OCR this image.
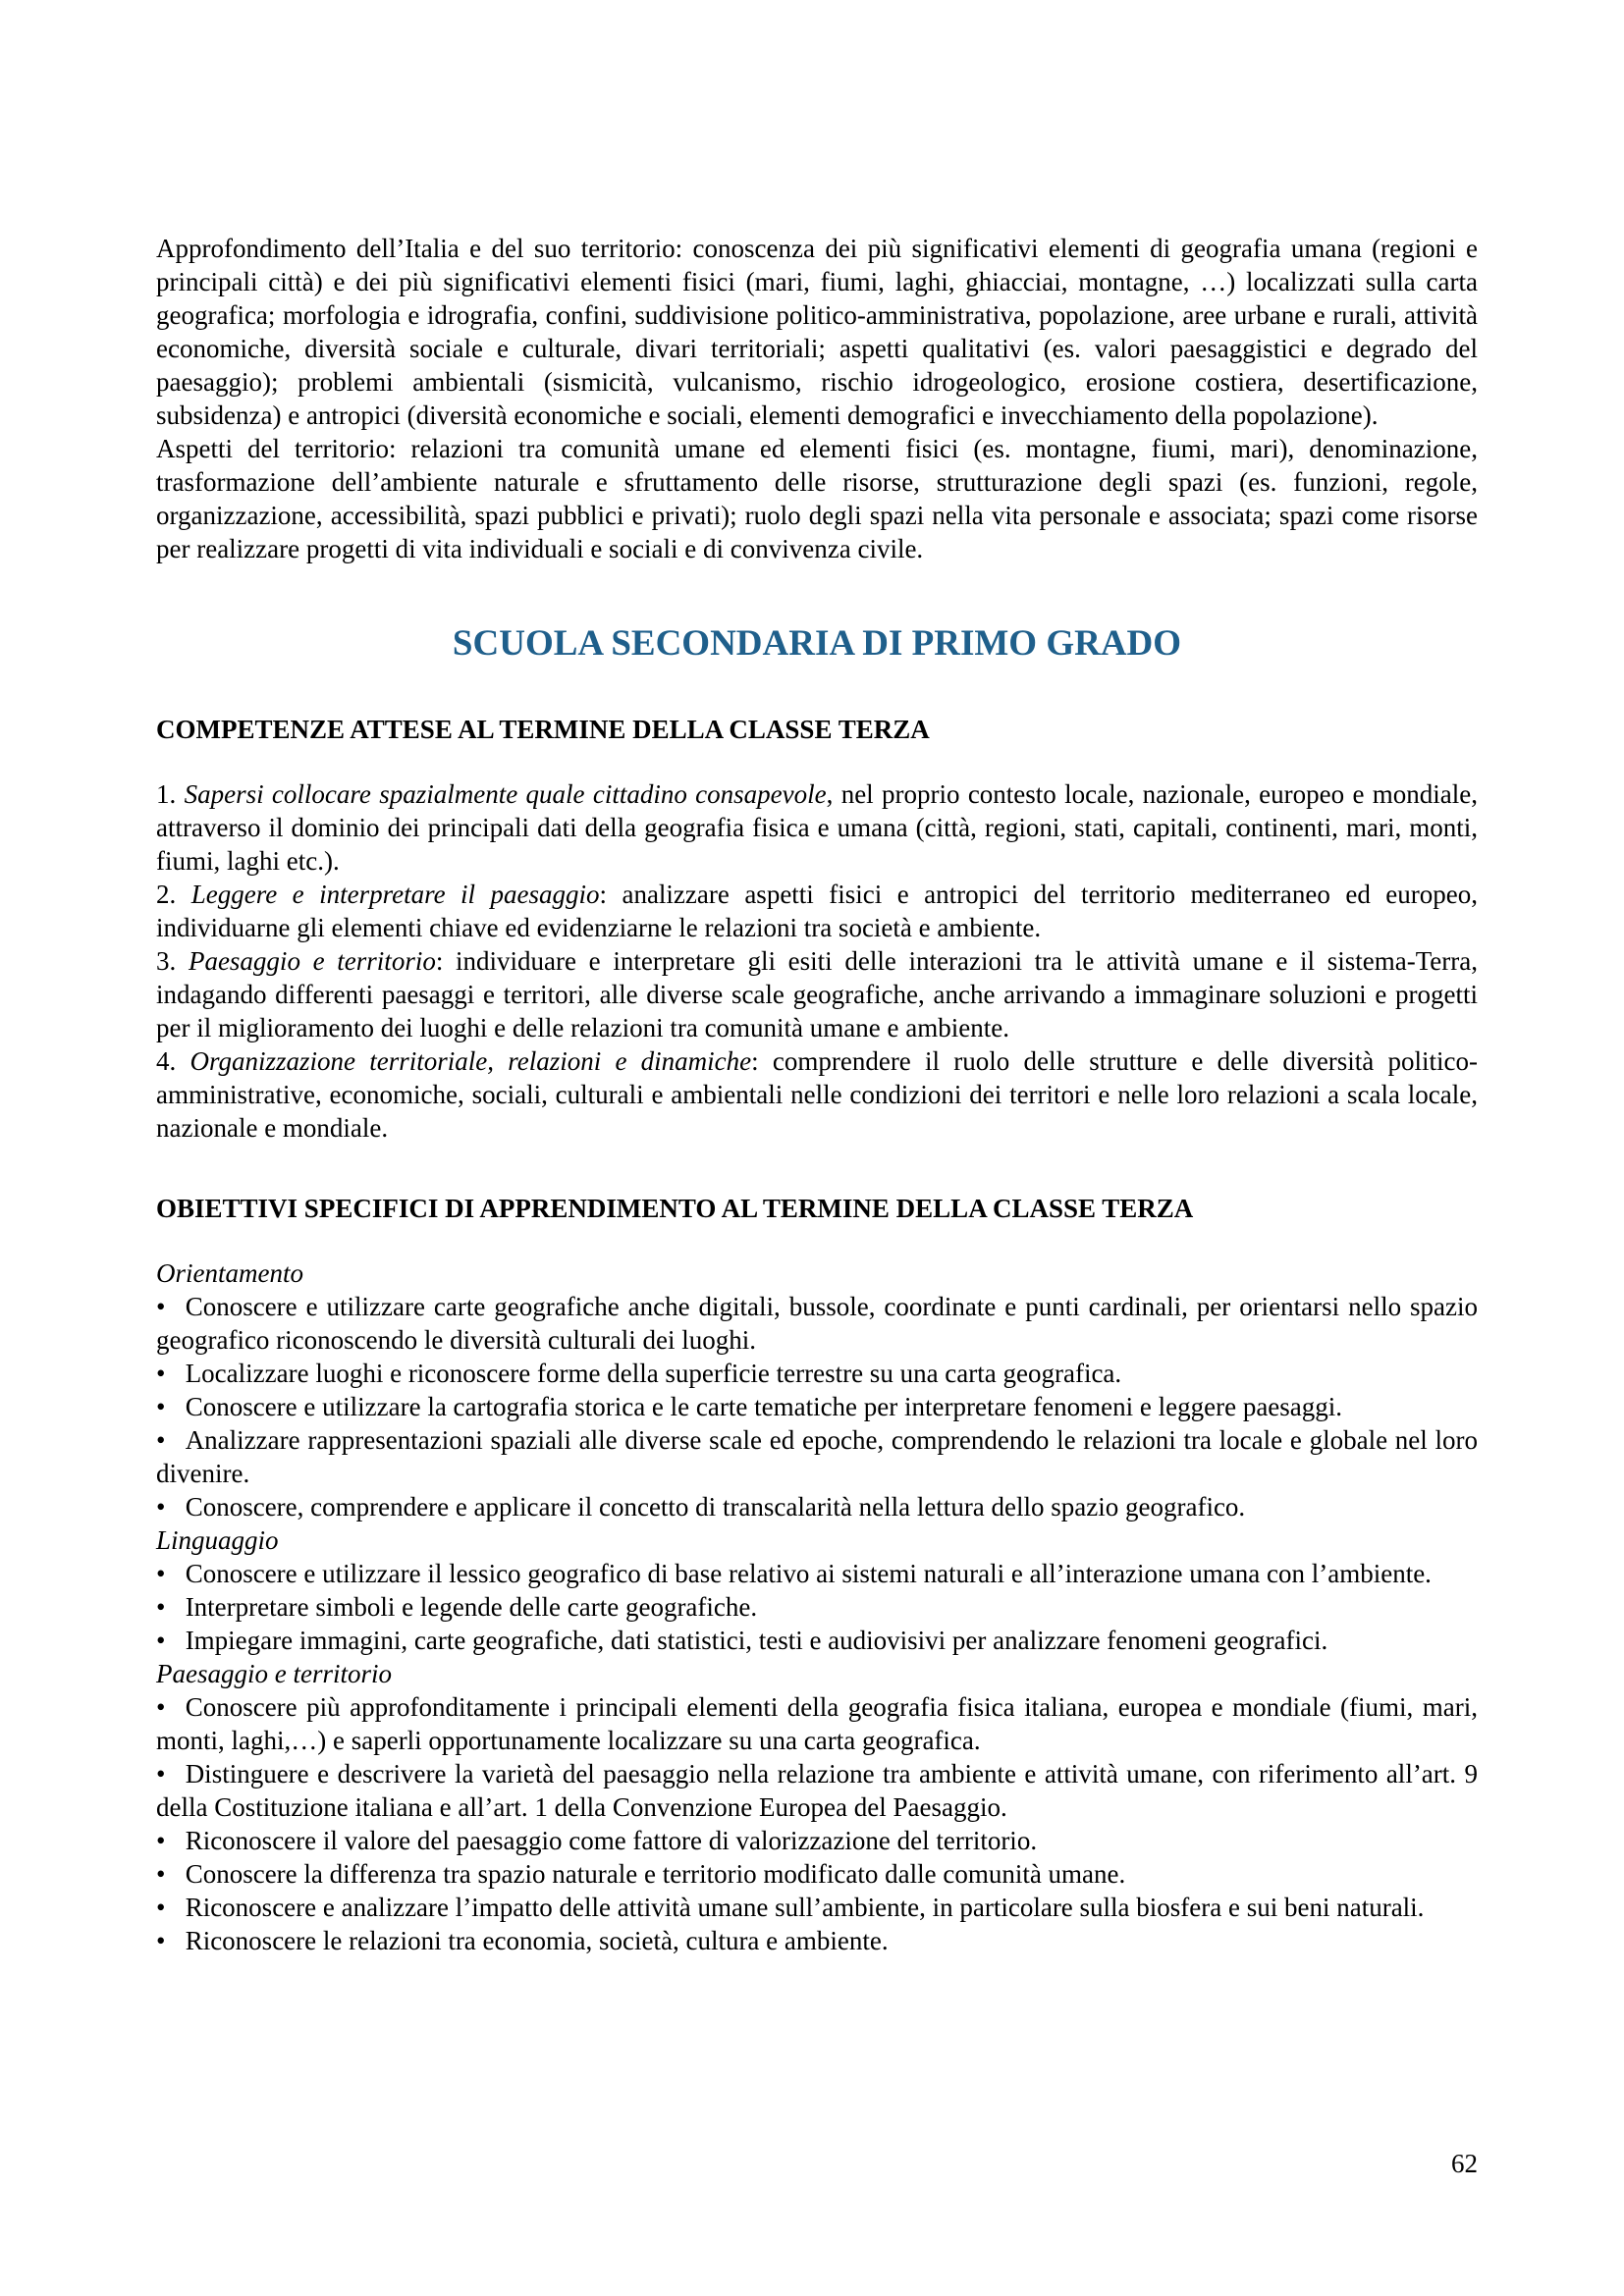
Approfondimento dell’Italia e del suo territorio: conoscenza dei più significativi elementi di geografia umana (regioni e principali città) e dei più significativi elementi fisici (mari, fiumi, laghi, ghiacciai, montagne, …) localizzati sulla carta geografica; morfologia e idrografia, confini, suddivisione politico-amministrativa, popolazione, aree urbane e rurali, attività economiche, diversità sociale e culturale, divari territoriali; aspetti qualitativi (es. valori paesaggistici e degrado del paesaggio); problemi ambientali (sismicità, vulcanismo, rischio idrogeologico, erosione costiera, desertificazione, subsidenza) e antropici (diversità economiche e sociali, elementi demografici e invecchiamento della popolazione).

Aspetti del territorio: relazioni tra comunità umane ed elementi fisici (es. montagne, fiumi, mari), denominazione, trasformazione dell’ambiente naturale e sfruttamento delle risorse, strutturazione degli spazi (es. funzioni, regole, organizzazione, accessibilità, spazi pubblici e privati); ruolo degli spazi nella vita personale e associata; spazi come risorse per realizzare progetti di vita individuali e sociali e di convivenza civile.

SCUOLA SECONDARIA DI PRIMO GRADO
COMPETENZE ATTESE AL TERMINE DELLA CLASSE TERZA

1. Sapersi collocare spazialmente quale cittadino consapevole, nel proprio contesto locale, nazionale, europeo e mondiale, attraverso il dominio dei principali dati della geografia fisica e umana (città, regioni, stati, capitali, continenti, mari, monti, fiumi, laghi etc.).

2. Leggere e interpretare il paesaggio: analizzare aspetti fisici e antropici del territorio mediterraneo ed europeo, individuarne gli elementi chiave ed evidenziarne le relazioni tra società e ambiente.

3. Paesaggio e territorio: individuare e interpretare gli esiti delle interazioni tra le attività umane e il sistema-Terra, indagando differenti paesaggi e territori, alle diverse scale geografiche, anche arrivando a immaginare soluzioni e progetti per il miglioramento dei luoghi e delle relazioni tra comunità umane e ambiente.

4. Organizzazione territoriale, relazioni e dinamiche: comprendere il ruolo delle strutture e delle diversità politico-amministrative, economiche, sociali, culturali e ambientali nelle condizioni dei territori e nelle loro relazioni a scala locale, nazionale e mondiale.

OBIETTIVI SPECIFICI DI APPRENDIMENTO AL TERMINE DELLA CLASSE TERZA

Orientamento

• Conoscere e utilizzare carte geografiche anche digitali, bussole, coordinate e punti cardinali, per orientarsi nello spazio geografico riconoscendo le diversità culturali dei luoghi.

• Localizzare luoghi e riconoscere forme della superficie terrestre su una carta geografica.

• Conoscere e utilizzare la cartografia storica e le carte tematiche per interpretare fenomeni e leggere paesaggi.

• Analizzare rappresentazioni spaziali alle diverse scale ed epoche, comprendendo le relazioni tra locale e globale nel loro divenire.

• Conoscere, comprendere e applicare il concetto di transcalarità nella lettura dello spazio geografico.

Linguaggio

• Conoscere e utilizzare il lessico geografico di base relativo ai sistemi naturali e all’interazione umana con l’ambiente.

• Interpretare simboli e legende delle carte geografiche.

• Impiegare immagini, carte geografiche, dati statistici, testi e audiovisivi per analizzare fenomeni geografici.

Paesaggio e territorio

• Conoscere più approfonditamente i principali elementi della geografia fisica italiana, europea e mondiale (fiumi, mari, monti, laghi,…) e saperli opportunamente localizzare su una carta geografica.

• Distinguere e descrivere la varietà del paesaggio nella relazione tra ambiente e attività umane, con riferimento all’art. 9 della Costituzione italiana e all’art. 1 della Convenzione Europea del Paesaggio.

• Riconoscere il valore del paesaggio come fattore di valorizzazione del territorio.

• Conoscere la differenza tra spazio naturale e territorio modificato dalle comunità umane.

• Riconoscere e analizzare l’impatto delle attività umane sull’ambiente, in particolare sulla biosfera e sui beni naturali.

• Riconoscere le relazioni tra economia, società, cultura e ambiente.

62
